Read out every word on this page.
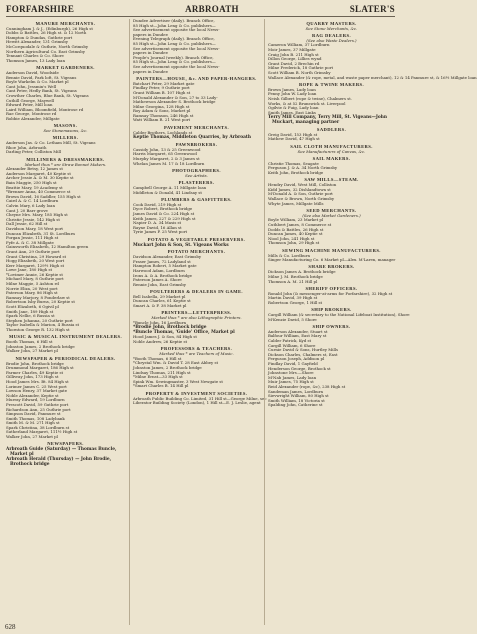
FORFARSHIRE	ARBROATH	SLATER'S
MANURE MERCHANTS.
Cunningham J. & J., (Edinburgh), 26 High st
Dobbs & Battles, 26 High st. & 12 North
Hampton & Dundas, Guthrie port
Hewitt Alexander, 131 Grimsby
McCorquodale & Guthrie, North Grimsby
Northern Agricultural Co. East Grimsby
Tennant Charles & Co. Shore
Thomson James, 13 Lady loan
MARKET GARDENERS.
Anderson David, Woodside
Bennie David, Park loft, St. Vigeans
Boyle Warkelm & Co. Market pl
Cant John, Jessmin's Well
Cant Peter, Hedly Bank, St. Vigeans
Crowther Charles, Blue Bank, St. Vigeans
Cuthill George, Maywell
Edward Peter, Mill loan
Laird William, Bloomfield, Montrose rd
Rae George, Montrose rd
Robbie Alexander, Millgate
MASONS.
See Stonemasons, &c.
MILLERS.
Anderson Jas. & Co. Letham Mill, St. Vigeans
Rhoe John, Arbroath
Darling Peter, Colliston Mill
MILLINERS & DRESSMAKERS.
Marked thus * are Straw Bonnet Makers.
Alexander Betsy, 12 James st
Anderson Margaret, 40 Keptie st
Archer Jessie A. & M. 30 Keptie st
Bain Maggie, 250 High st
Beattie Mary, 19 Academy st
*Brenner Anna, 40 Commerce st
Brown David, 16 Saddler, 155 High st
Caird A. & C. 14 Lordburn
Calvin Mary, 6 Lady loan
Cant J. 20 Barr grove
Cheyne Mrs. Mary, 185 High st
Christie Jessie, 142 High st
Dall Jessie, 62 Hill st
Davidson Mary, 18 West port
Duncan Elizabeth, 31 St. Lordburn
Forgan Jessie, 111 High st
Fyfe A. & C. 38 Millgate
Gainsworth Elizabeth, 12 Hamilton green
Grant Ann, 29 Guthrie port
Grant Christina, 29 Howard st
Hogg Elizabeth, 20 West port
Kerr Margaret, 129½ High st
Lowe Jane, 180 High st
*Lovimer Annie, 26 Keptie st
Michael Mary, 8 Guthrie port
Milne Maggie, 5 Ashton rd
Norrie Eliza, 20 West port
Paterson Mary, 86 High st
Ramsay Marjory, 8 Ponderlaw st
Robertson Isby Burns, 20 Keptie st
Scott Elizabeth, 6 Ogivil pl
Smith Jane, 189 High st
Spark Nellie, 6 Russia st
Stephen Johanna, 20 Guthrie port
Taylor Isabella & Marion, 4 Russia st
Thornton George R. 132 High st
MUSIC & MUSICAL INSTRUMENT DEALERS.
Booth Thomas, 6 Hill st
Johnston James, 2 Brothock bridge
Walker John, 27 Market pl
NEWSPAPER & PERIODICAL DEALERS.
Brodie John, Brothock bridge
Drummond Margaret, 186 High st
Farmer Charles, 49 Keptie st
Gillivray John, 173 High st
Hood James Mrs. Bt. 84 High st
Lorimer James C. 25 West port
Lowson Henry, 37 Market gate
Noble Alexander, Keptie st
Murray Edward, 19 Lordburn
Prescott David, 59 Guthrie port
Richardson Ann, 25 Guthrie port
Simpson David, Panmure st
Smith Thomas, 108 Ladybank
Smith M. & M. 271 High st
Spark Christina, 38 Lordburn st
Sutherland Margaret, 111½ High st
Walker John, 27 Market pl
NEWSPAPERS.
Arbroath Guide (Saturday) — Thomas Buncle, Market pl
Arbroath Herald (Thursday) — John Brodie, Brothock bridge
Dundee Advertiser (daily). Branch Office,
85 High st—John Leng & Co. publishers—
See advertisement opposite the local News-
papers in Dundee
Evening Telegraph (daily). Branch Office,
85 High st—John Leng & Co. publishers—
See advertisement opposite the local News-
papers in Dundee
People's Journal (weekly). Branch Office,
85 High st—John Leng & Co. publishers—
See advertisement opposite the local News-
papers in Dundee
PAINTERS—HOUSE, &c. AND PAPER-HANGERS.
Batchart Peter, 29 Market gate
Findlay Peter, 9 Guthrie port
Grant William B. 107 High st
M'Donald Alexander & Son, 27 to 33 Lady-
Mathewson Alexander S. Brothock bridge
Milne Georgina, 128 High st
Roy Adam & Sons, Market pl
Ramsay Thomson, 246 High st
Watt William R. 21 West port
PAVEMENT MERCHANTS.
Calder Brothers, Lochlands st
Keptie Thomas, Middleton Quarries, by Arbroath
PAWNBROKERS.
Cassidy John, 13 & 25 Greenwood
Harris Margaret, 65 Greenwood
Murphy Margaret, 2 & 3 James st
Whelan James M. 17 & 18 Lordburn
PHOTOGRAPHERS.
See Artists.
PLASTERERS.
Campbell George A. 11 Millgate loan
Middleton & Donald, 41 Lindsay st
PLUMBERS & GASFITTERS.
Cook David, 219 High st
Dyce Robert, Brothock bridge
James David & Co. 224 High st
Keith James, 227 & 229 High st
Napier D. A. 34 Masis st
Rayne David, 16 Allan st
Tyrie James P. 25 West port
POTATO & VEGETABLE PRESERVERS.
Muckart John & Son, St. Vigeans Works
POTATO MERCHANTS.
Davidson Alexander, East Grimsby
Fraser James, 72 Ladyland st
Hampton Robert, 5 Market gate
Harwood Adam, Lordburn
Irons A. & A. Brothock bridge
Paterson James A. Shore
Rennie John, East Grimsby
POULTERERS & DEALERS IN GAME.
Bell Isabella, 29 Market pl
Duncan Charles, 61 Keptie st
Smart A. & F. 38 Market pl
PRINTERS—LETTERPRESS.
Marked thus * are also Lithographic Printers.
*Buncle John, 16 Lordburn
*Brodie John, Brothock bridge
*Buncle Thomas, 'Guide' Office, Market pl
Hood James J. & Son, 84 High st
Noble Andrew, 26 Keptie st
PROFESSORS & TEACHERS.
Marked thus * are Teachers of Music.
*Booth Thomas, 6 Hill st
*Chrystal Wm. & David T. 28 East Abbey st
Johnston James, 2 Brothock bridge
Lindsay Thomas, 211 High st
*Milne Ernst—33 High st
Spink Wm. Sewingmaster, 3 West Newgate st
*Smart Charles B. 14 Hill pl
PROPERTY & INVESTMENT SOCIETIES.
Arbroath Public Building Co. Limited, 31 Hill st—George Milne, sec
Liberator Building Society (London), 1 Hill st—E. J. Leslie, agent
QUARRY MASTERS.
See Stone Merchants, &c.
RAG DEALERS.
(See also Waste Dealers.)
Cameron William, 37 Lordburn
Moir James, 37 Millgate
Craig John B. 211 High st
Dillon George, Lillies wynd
Grant David, 2 Brechin rd
Milne Frederick, 18 Guthrie port
Scott William B. North Grimsby
Wallace Alexander (& rope, metal, and waste paper merchant), 12 & 14 Panmure st, & 16½ Millgate loan
ROPE & TWINE MAKERS.
Brown James, Lady loan
Fenny John W. Lady loan
Neish Gilbert (rope & twine), Chalmers st.
Works, & at 52 Brunswick st. Liverpool
Ogilvie & Fuig, Lady loan
Smith James, East Links
Terry Mill Company, Terry Mill, St. Vigeans—John Muckart, managing partner
SADDLERS.
Greig David, 153 High st
Mathew David, 47 High st
SAIL CLOTH MANUFACTURERS.
See Manufacturers of Canvas, &c.
SAIL MAKERS.
Christie Thomas, Seagate
Ferguson J. & A. 34 North Grimsby
Keith John, Brothock bridge
SAW MILLS—STEAM.
Hendry David, West Mill, Colliston
Kidd James, 32 Dishlandtown st
M'Donald A. & Son, Guthrie port
Wallace & Brown, North Grimsby
Whyte James, Millgate Mills
SEED MERCHANTS.
(See also Market Gardeners.)
Boyle William, 23 Market pl
Cuthbert James, 8 Commerce st
Dodds & Battles, 26 High st
Duncan James, 40 Keptie st
Niool John, 241 High st
Thomson John, 29 High st
SEWING MACHINE MANUFACTURERS.
Mills & Co. Lordburn
Singer Manufacturing Co. 6 Market pl—Alex. M'Laren, manager
SHARE BROKERS.
Dickson James A. Brothock bridge
Milne J. M. Brothock bridge
Thomson A. M. 21 Hill pl
SHERIFF OFFICERS.
Ronald John (& messenger-at-arms for Forfarshire), 32 High st
Martin David, 39 High st
Robertson George, 1 Hill st
SHIP BROKERS.
Cargill William (& secretary to the National Lifeboat Institution), Shore
M'Kenzie David, 5 Shore
SHIP OWNERS.
Anderson Alexander, Stuart st
Balfour William, East Mary st
Calder Patrick, Kyd st
Cargill William, 6 Shore
Curnie David & Sons, Hurtley Mills
Dickson Charles, Chalmers st, East
Ferguson Joseph, Addison pl
Findlay David, 1 Gayfield
Henderson George, Brothock st
Johnstone Mrs.—Shore
M'Nab James, Lady loan
Muir James, 75 High st
Reid Alexander (rope, &c), 238 High st
Sandeman James, Lordburn
Sievwright William, 80 High st
Smith William, 18 Victoria st
Spalding John, Catherine st
628
